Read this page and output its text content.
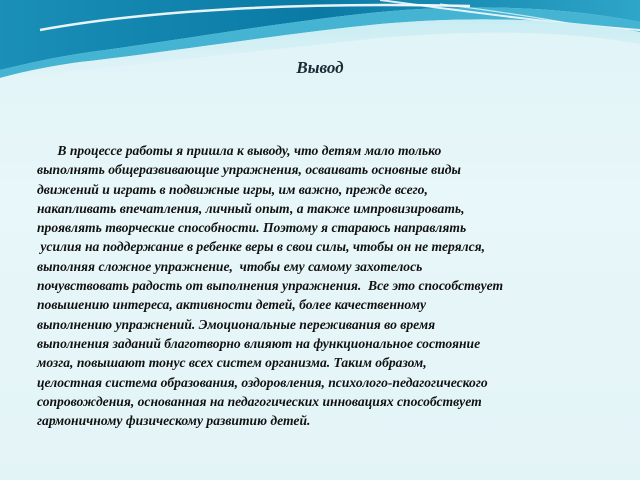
Вывод

В процессе работы я пришла к выводу, что детям мало только
выполнять общеразвивающие упражнения, осваивать основные виды
движений и играть в подвижные игры, им важно, прежде всего,
накапливать впечатления, личный опыт, а также импровизировать,
проявлять творческие способности. Поэтому я стараюсь направлять
усилия на поддержание в ребенке веры в свои силы, чтобы он не терялся,
выполняя сложное упражнение,  чтобы ему самому захотелось
почувствовать радость от выполнения упражнения.  Все это способствует
повышению интереса, активности детей, более качественному
выполнению упражнений. Эмоциональные переживания во время
выполнения заданий благотворно влияют на функциональное состояние
мозга, повышают тонус всех систем организма. Таким образом,
целостная система образования, оздоровления, психолого-педагогического
сопровождения, основанная на педагогических инновациях способствует
гармоничному физическому развитию детей.
